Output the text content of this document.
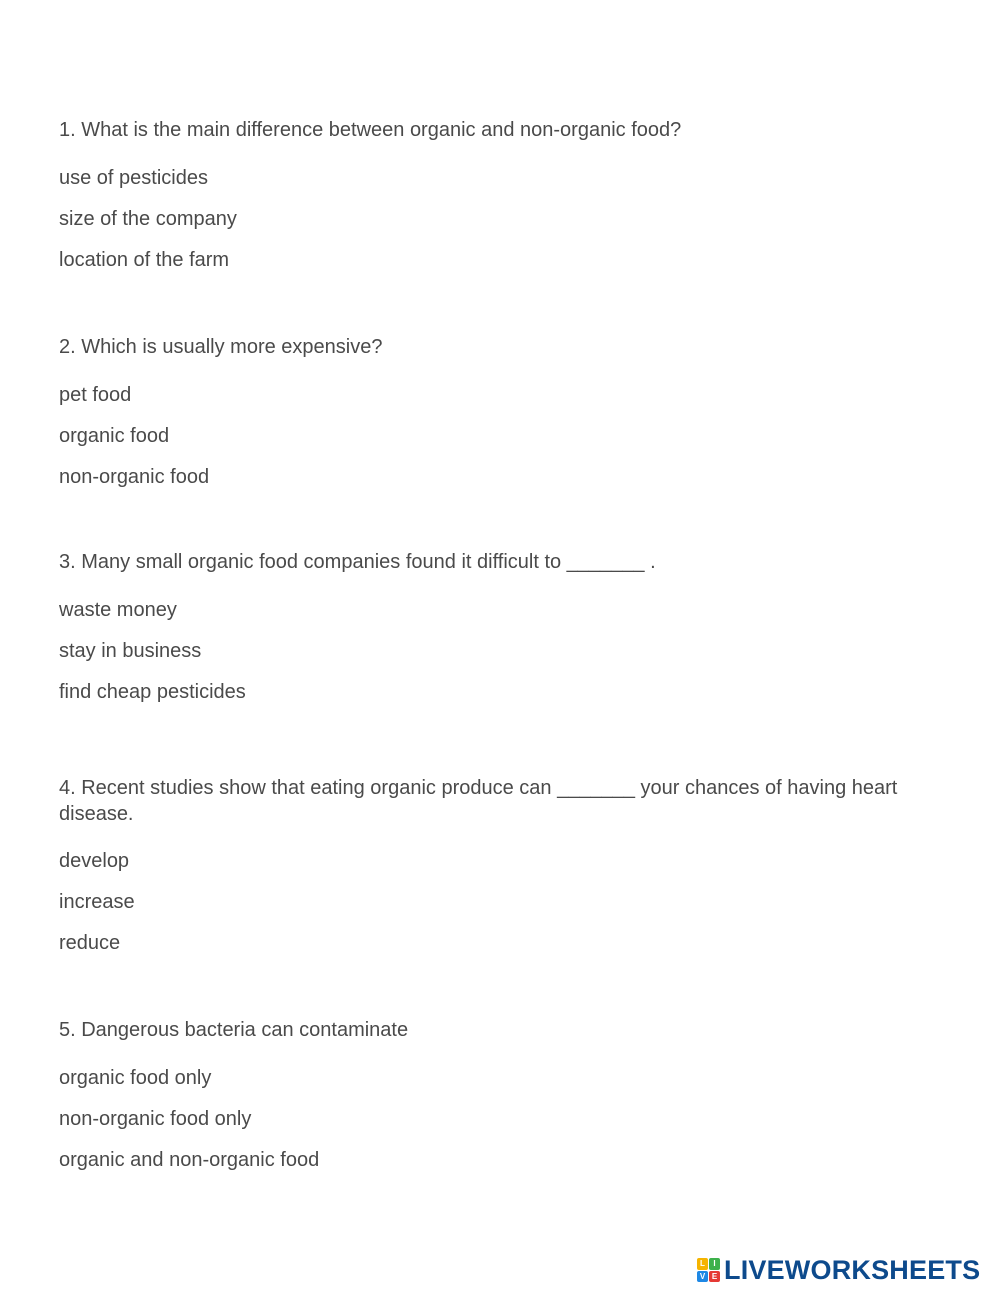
1. What is the main difference between organic and non-organic food?

use of pesticides
size of the company
location of the farm

2. Which is usually more expensive?

pet food
organic food
non-organic food

3. Many small organic food companies found it difficult to _______ .

waste money
stay in business
find cheap pesticides

4. Recent studies show that eating organic produce can _______ your chances of having heart disease.

develop
increase
reduce

5. Dangerous bacteria can contaminate

organic food only
non-organic food only
organic and non-organic food
L	I
V E LIVEWORKSHEETS
